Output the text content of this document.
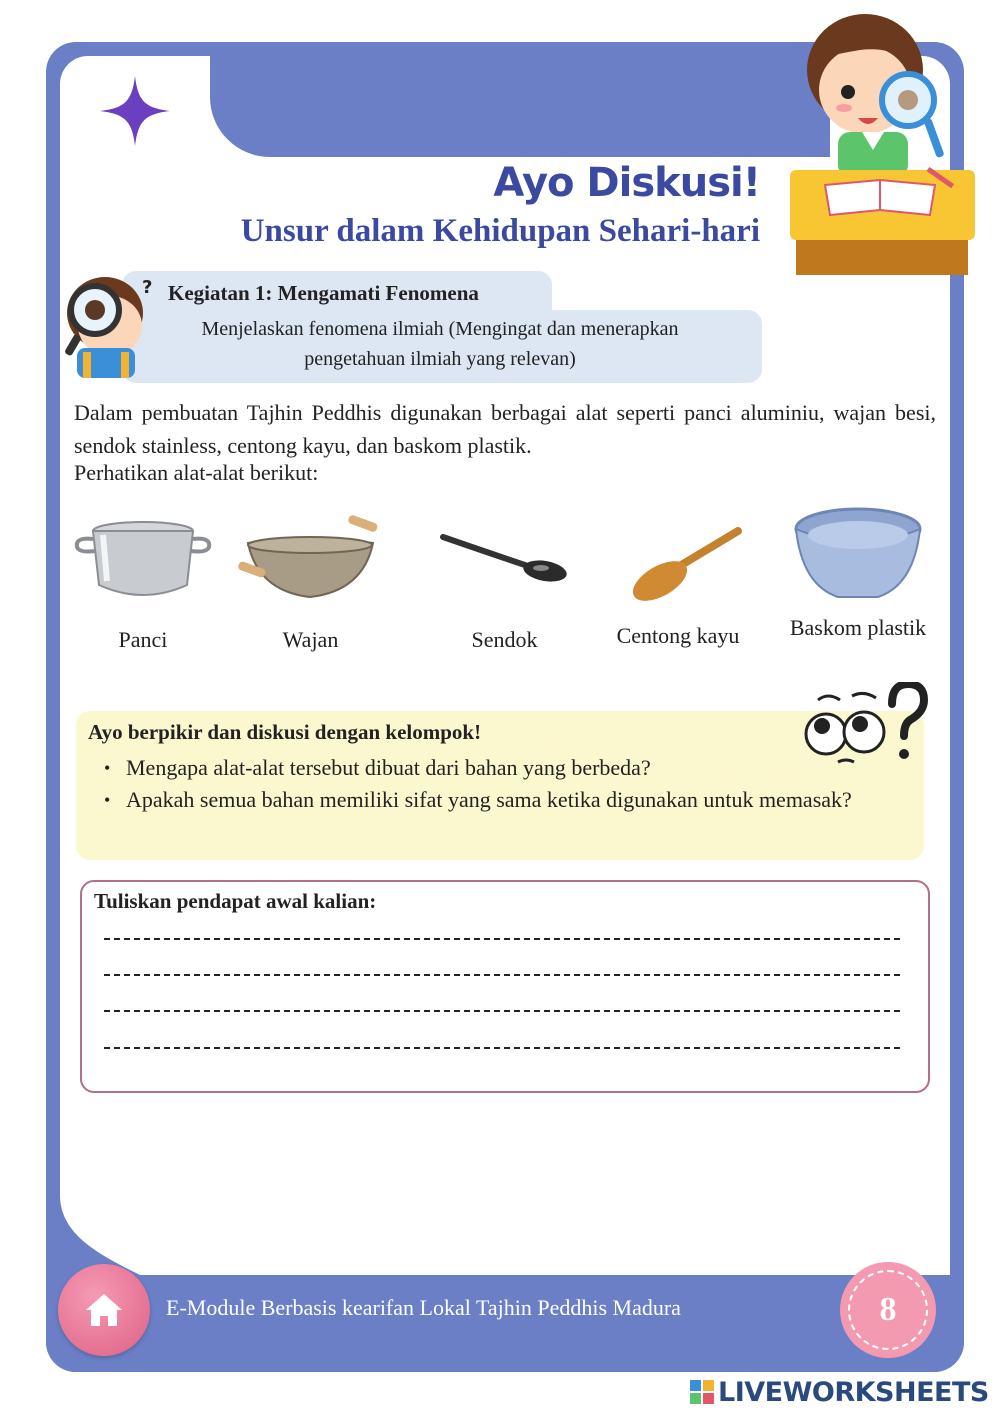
Ayo Diskusi!
Unsur dalam Kehidupan Sehari-hari
? Kegiatan 1: Mengamati Fenomena
Menjelaskan fenomena ilmiah (Mengingat dan menerapkan pengetahuan ilmiah yang relevan)
Dalam pembuatan Tajhin Peddhis digunakan berbagai alat seperti panci aluminiu, wajan besi, sendok stainless, centong kayu, dan baskom plastik.
Perhatikan alat-alat berikut:
Panci	Wajan	Sendok	Centong kayu	Baskom plastik
Ayo berpikir dan diskusi dengan kelompok!
• Mengapa alat-alat tersebut dibuat dari bahan yang berbeda?
• Apakah semua bahan memiliki sifat yang sama ketika digunakan untuk memasak?
Tuliskan pendapat awal kalian:
E-Module Berbasis kearifan Lokal Tajhin Peddhis Madura	8
LIVEWORKSHEETS
